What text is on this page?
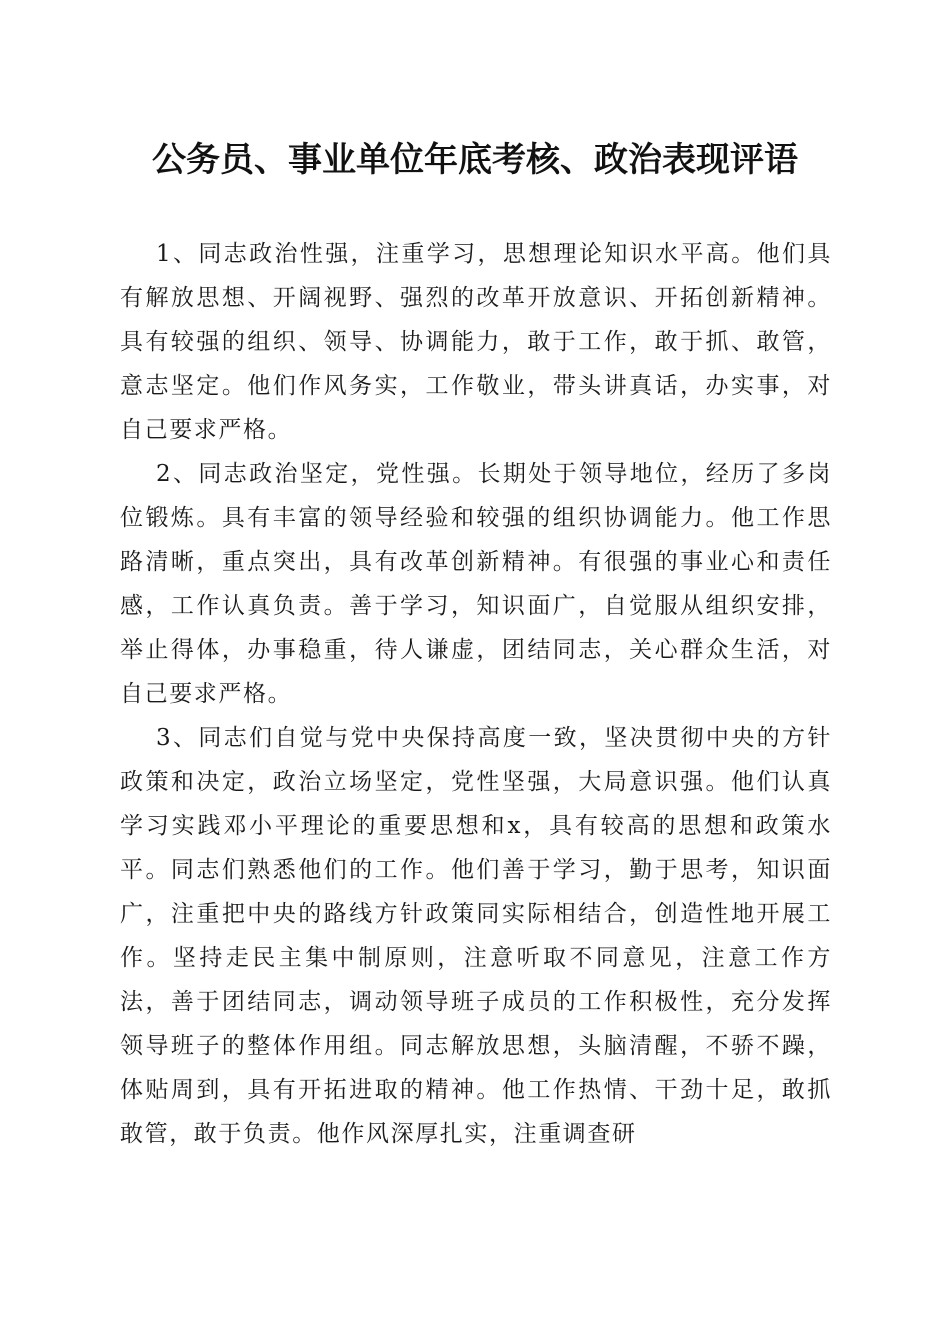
公务员、事业单位年底考核、政治表现评语

1、同志政治性强，注重学习，思想理论知识水平高。他们具有解放思想、开阔视野、强烈的改革开放意识、开拓创新精神。具有较强的组织、领导、协调能力，敢于工作，敢于抓、敢管，意志坚定。他们作风务实，工作敬业，带头讲真话，办实事，对自己要求严格。

2、同志政治坚定，党性强。长期处于领导地位，经历了多岗位锻炼。具有丰富的领导经验和较强的组织协调能力。他工作思路清晰，重点突出，具有改革创新精神。有很强的事业心和责任感，工作认真负责。善于学习，知识面广，自觉服从组织安排，举止得体，办事稳重，待人谦虚，团结同志，关心群众生活，对自己要求严格。

3、同志们自觉与党中央保持高度一致，坚决贯彻中央的方针政策和决定，政治立场坚定，党性坚强，大局意识强。他们认真学习实践邓小平理论的重要思想和x，具有较高的思想和政策水平。同志们熟悉他们的工作。他们善于学习，勤于思考，知识面广，注重把中央的路线方针政策同实际相结合，创造性地开展工作。坚持走民主集中制原则，注意听取不同意见，注意工作方法，善于团结同志，调动领导班子成员的工作积极性，充分发挥领导班子的整体作用组。同志解放思想，头脑清醒，不骄不躁，体贴周到，具有开拓进取的精神。他工作热情、干劲十足，敢抓敢管，敢于负责。他作风深厚扎实，注重调查研
